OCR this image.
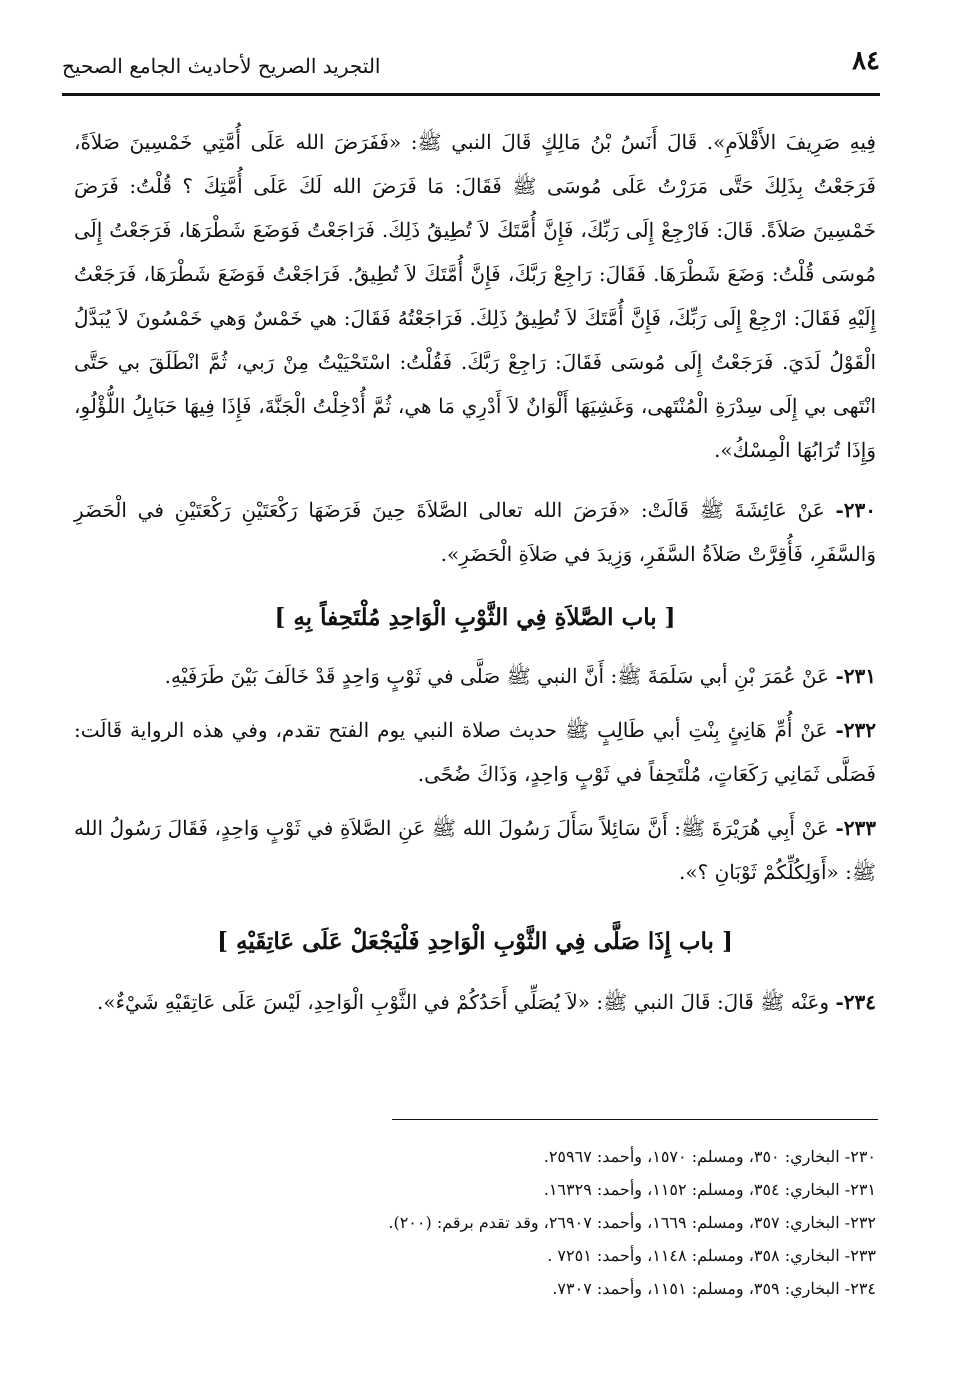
٨٤
التجريد الصريح لأحاديث الجامع الصحيح

فِيهِ صَرِيفَ الأَقْلاَمِ». قَالَ أَنَسُ بْنُ مَالِكٍ قَالَ النبي ﷺ: «فَفَرَضَ الله عَلَى أُمَّتِي خَمْسِينَ صَلاَةً، فَرَجَعْتُ بِذَلِكَ حَتَّى مَرَرْتُ عَلَى مُوسَى ﷺ فَقَالَ: مَا فَرَضَ الله لَكَ عَلَى أُمَّتِكَ ؟ قُلْتُ: فَرَضَ خَمْسِينَ صَلاَةً. قَالَ: فَارْجِعْ إِلَى رَبِّكَ، فَإِنَّ أُمَّتَكَ لاَ تُطِيقُ ذَلِكَ. فَرَاجَعْتُ فَوَضَعَ شَطْرَهَا، فَرَجَعْتُ إِلَى مُوسَى قُلْتُ: وَضَعَ شَطْرَهَا. فَقَالَ: رَاجِعْ رَبَّكَ، فَإِنَّ أُمَّتَكَ لاَ تُطِيقُ. فَرَاجَعْتُ فَوَضَعَ شَطْرَهَا، فَرَجَعْتُ إِلَيْهِ فَقَالَ: ارْجِعْ إِلَى رَبِّكَ، فَإِنَّ أُمَّتَكَ لاَ تُطِيقُ ذَلِكَ. فَرَاجَعْتُهُ فَقَالَ: هي خَمْسٌ وَهي خَمْسُونَ لاَ يُبَدَّلُ الْقَوْلُ لَدَيَ. فَرَجَعْتُ إِلَى مُوسَى فَقَالَ: رَاجِعْ رَبَّكَ. فَقُلْتُ: اسْتَحْيَيْتُ مِنْ رَبي، ثُمَّ انْطَلَقَ بي حَتَّى انْتَهى بي إِلَى سِدْرَةِ الْمُنْتَهى، وَغَشِيَهَا أَلْوَانٌ لاَ أَدْرِي مَا هي، ثُمَّ أُدْخِلْتُ الْجَنَّةَ، فَإِذَا فِيهَا حَبَايِلُ اللُّؤْلُوِ، وَإِذَا تُرَابُهَا الْمِسْكُ».

٢٣٠- عَنْ عَائِشَةَ ﷺ قَالَتْ: «فَرَضَ الله تعالى الصَّلاَةَ حِينَ فَرَضَهَا رَكْعَتَيْنِ رَكْعَتَيْنِ في الْحَضَرِ وَالسَّفَرِ، فَأُقِرَّتْ صَلاَةُ السَّفَرِ، وَزِيدَ في صَلاَةِ الْحَضَرِ».

[ باب الصَّلاَةِ فِي الثَّوْبِ الْوَاحِدِ مُلْتَحِفاً بِهِ ]

٢٣١- عَنْ عُمَرَ بْنِ أبي سَلَمَةَ ﷺ: أَنَّ النبي ﷺ صَلَّى في ثَوْبٍ وَاحِدٍ قَدْ خَالَفَ بَيْنَ طَرَفَيْهِ.

٢٣٢- عَنْ أُمِّ هَانِئٍ بِنْتِ أبي طَالِبٍ ﷺ حديث صلاة النبي يوم الفتح تقدم، وفي هذه الرواية قَالَت: فَصَلَّى ثَمَانِي رَكَعَاتٍ، مُلْتَحِفاً في ثَوْبٍ وَاحِدٍ، وَذَاكَ ضُحًى.

٢٣٣- عَنْ أَبِي هُرَيْرَةَ ﷺ: أَنَّ سَائِلاً سَأَلَ رَسُولَ الله ﷺ عَنِ الصَّلاَةِ في ثَوْبٍ وَاحِدٍ، فَقَالَ رَسُولُ الله ﷺ: «أَوَلِكُلِّكُمْ ثَوْبَانِ ؟».

[ باب إِذَا صَلَّى فِي الثَّوْبِ الْوَاحِدِ فَلْيَجْعَلْ عَلَى عَاتِقَيْهِ ]

٢٣٤- وعَنْه ﷺ قَالَ: قَالَ النبي ﷺ: «لاَ يُصَلِّي أَحَدُكُمْ في الثَّوْبِ الْوَاحِدِ، لَيْسَ عَلَى عَاتِقَيْهِ شَيْءٌ».

٢٣٠- البخاري: ٣٥٠، ومسلم: ١٥٧٠، وأحمد: ٢٥٩٦٧.

٢٣١- البخاري: ٣٥٤، ومسلم: ١١٥٢، وأحمد: ١٦٣٢٩.

٢٣٢- البخاري: ٣٥٧، ومسلم: ١٦٦٩، وأحمد: ٢٦٩٠٧، وقد تقدم برقم: (٢٠٠).

٢٣٣- البخاري: ٣٥٨، ومسلم: ١١٤٨، وأحمد: ٧٢٥١ .

٢٣٤- البخاري: ٣٥٩، ومسلم: ١١٥١، وأحمد: ٧٣٠٧.
